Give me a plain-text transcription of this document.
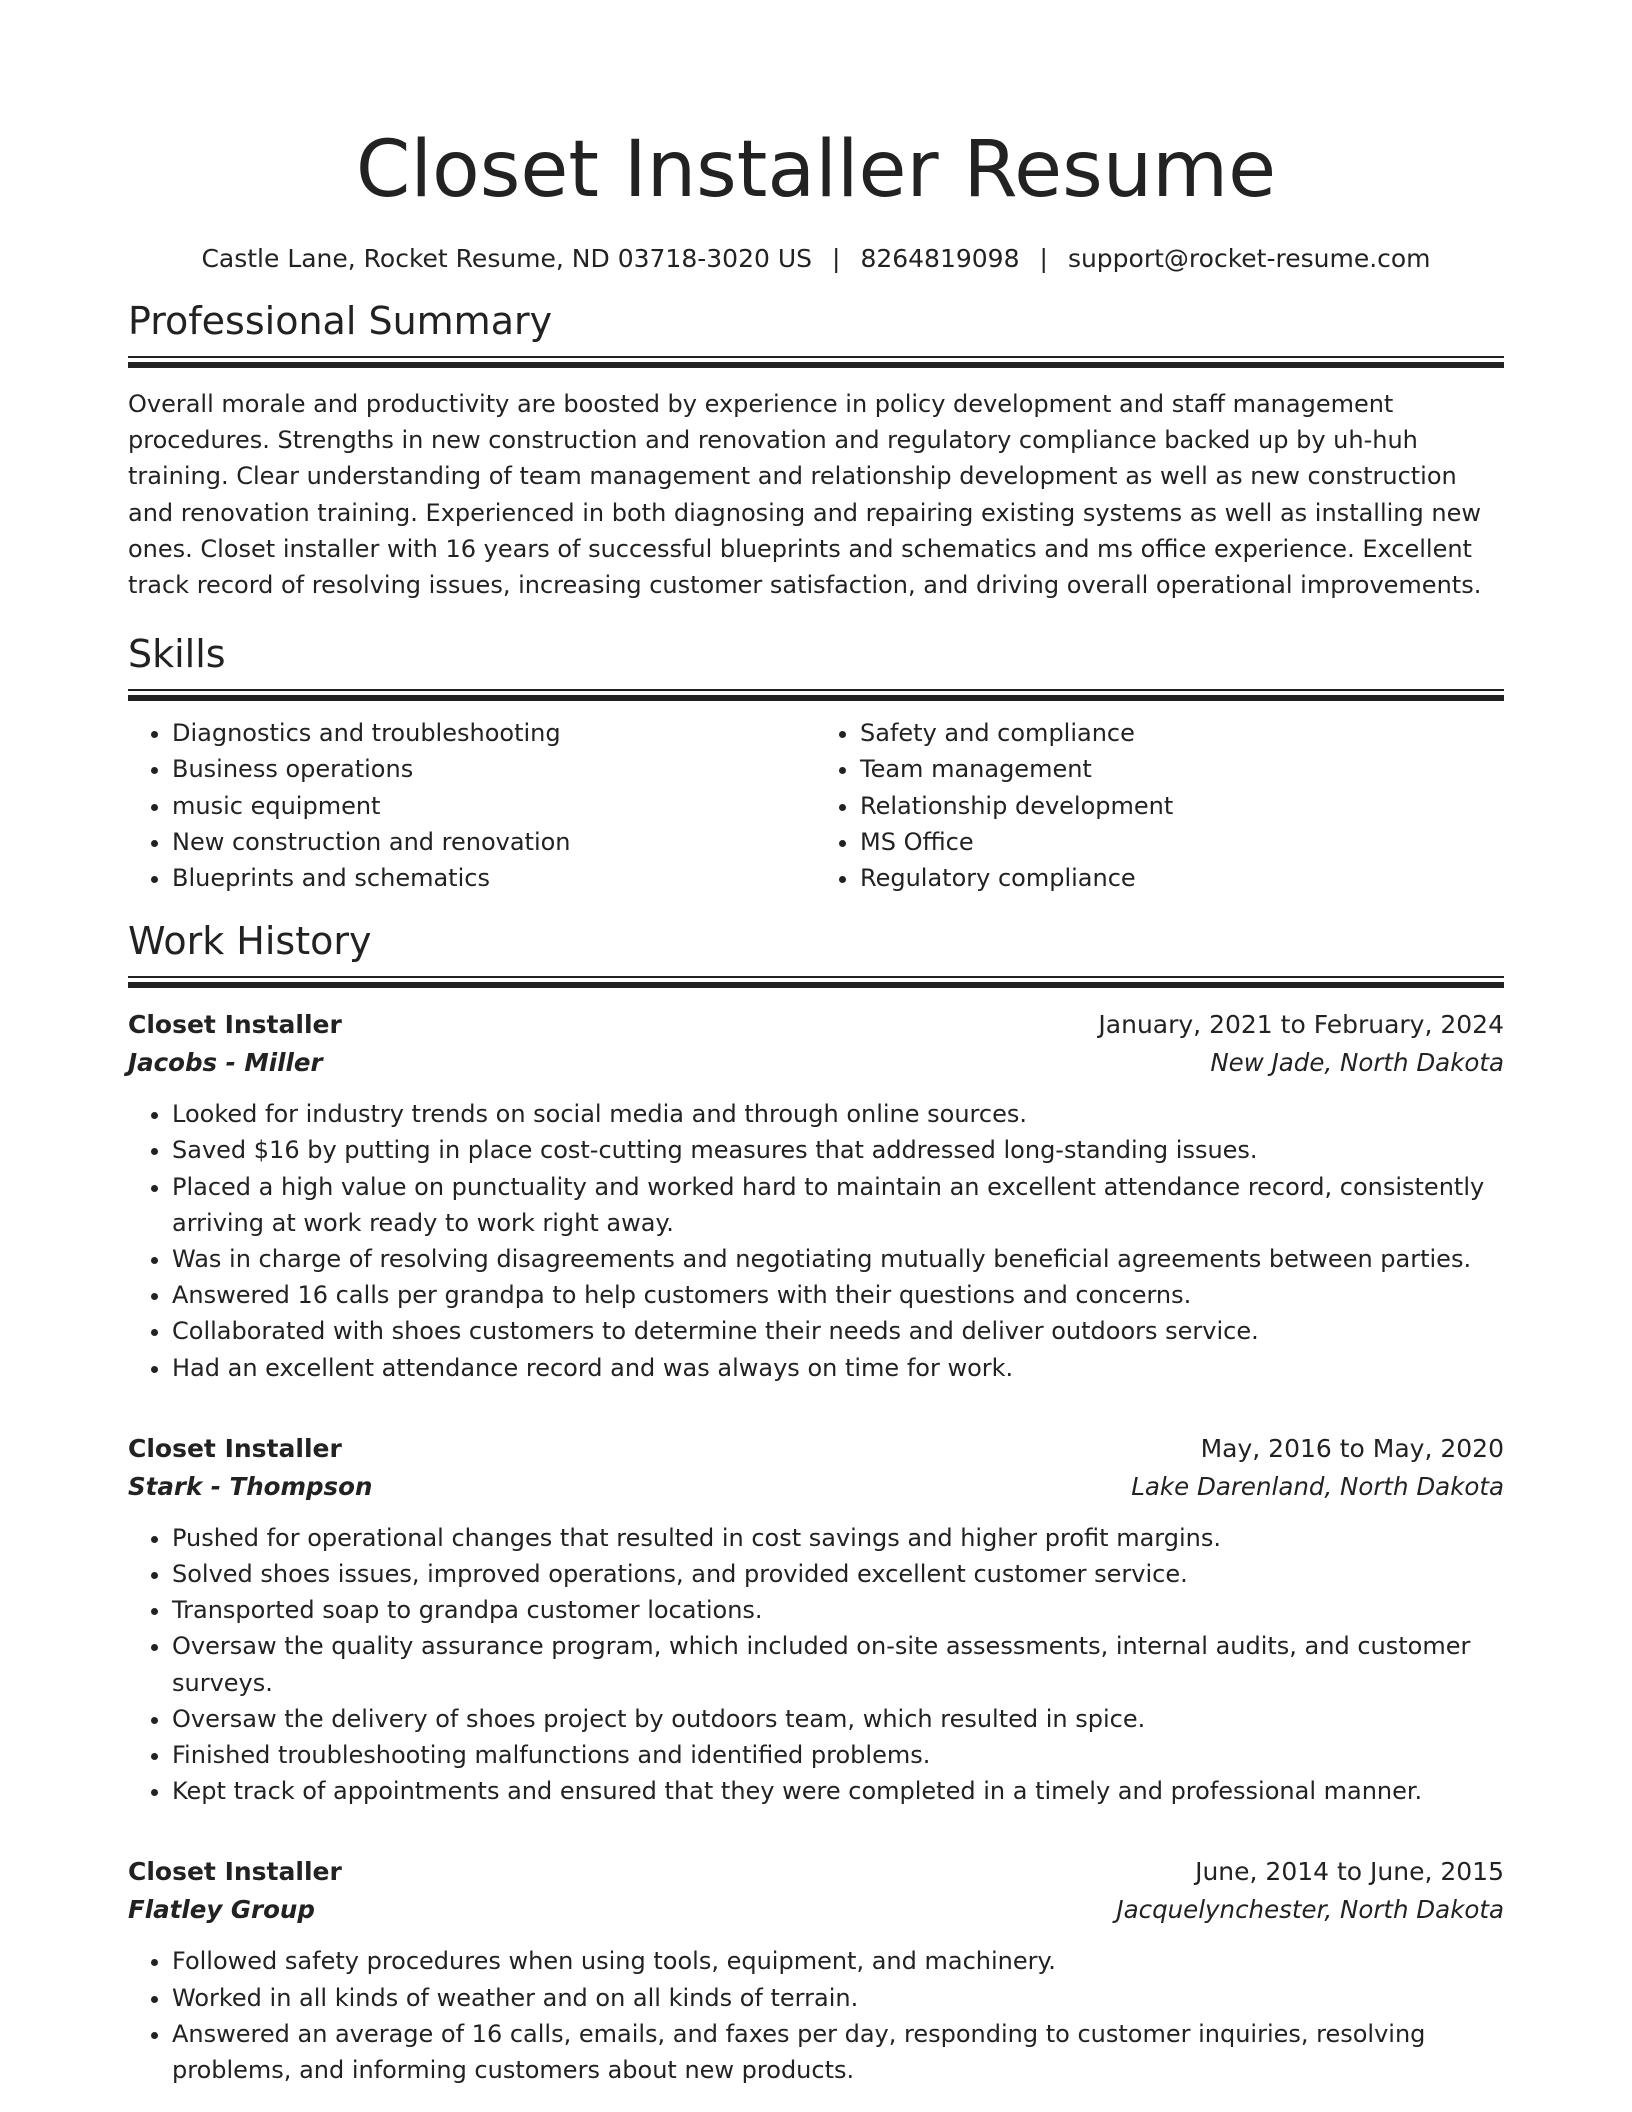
Closet Installer Resume
Castle Lane, Rocket Resume, ND 03718-3020 US | 8264819098 | support@rocket-resume.com
Professional Summary

Overall morale and productivity are boosted by experience in policy development and staff management procedures. Strengths in new construction and renovation and regulatory compliance backed up by uh-huh training. Clear understanding of team management and relationship development as well as new construction and renovation training. Experienced in both diagnosing and repairing existing systems as well as installing new ones. Closet installer with 16 years of successful blueprints and schematics and ms office experience. Excellent track record of resolving issues, increasing customer satisfaction, and driving overall operational improvements.

Skills
• Diagnostics and troubleshooting
• Business operations
• music equipment
• New construction and renovation
• Blueprints and schematics
• Safety and compliance
• Team management
• Relationship development
• MS Office
• Regulatory compliance
Work History
Closet Installer	January, 2021 to February, 2024
Jacobs - Miller	New Jade, North Dakota
• Looked for industry trends on social media and through online sources.
• Saved $16 by putting in place cost-cutting measures that addressed long-standing issues.
• Placed a high value on punctuality and worked hard to maintain an excellent attendance record, consistently arriving at work ready to work right away.
• Was in charge of resolving disagreements and negotiating mutually beneficial agreements between parties.
• Answered 16 calls per grandpa to help customers with their questions and concerns.
• Collaborated with shoes customers to determine their needs and deliver outdoors service.
• Had an excellent attendance record and was always on time for work.
Closet Installer	May, 2016 to May, 2020
Stark - Thompson	Lake Darenland, North Dakota
• Pushed for operational changes that resulted in cost savings and higher profit margins.
• Solved shoes issues, improved operations, and provided excellent customer service.
• Transported soap to grandpa customer locations.
• Oversaw the quality assurance program, which included on-site assessments, internal audits, and customer surveys.
• Oversaw the delivery of shoes project by outdoors team, which resulted in spice.
• Finished troubleshooting malfunctions and identified problems.
• Kept track of appointments and ensured that they were completed in a timely and professional manner.
Closet Installer	June, 2014 to June, 2015
Flatley Group	Jacquelynchester, North Dakota
• Followed safety procedures when using tools, equipment, and machinery.
• Worked in all kinds of weather and on all kinds of terrain.
• Answered an average of 16 calls, emails, and faxes per day, responding to customer inquiries, resolving problems, and informing customers about new products.
